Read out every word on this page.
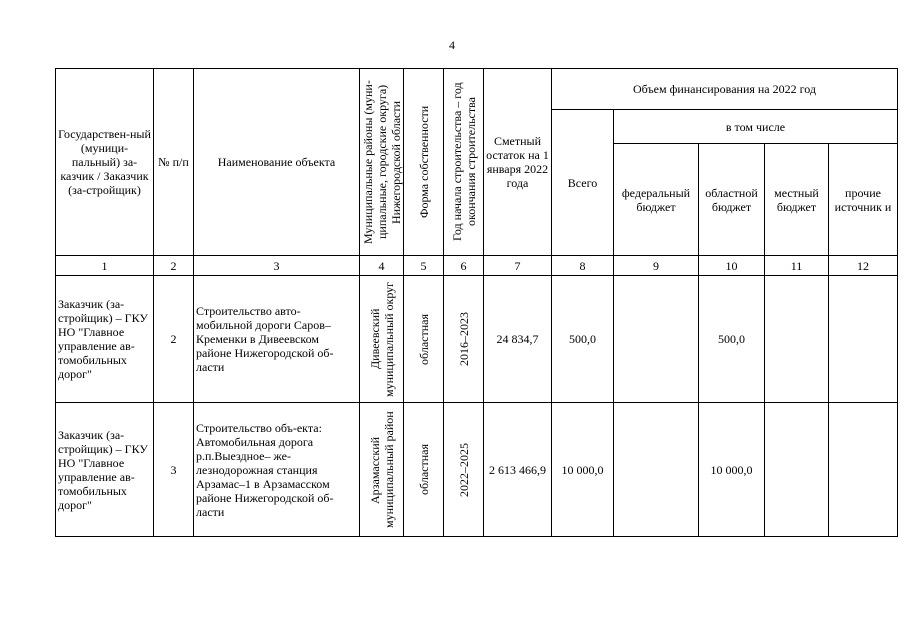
4
Государствен-ный (муници-пальный) за-казчик / Заказчик (за-стройщик)	№ п/п	Наименование объекта	Муниципальные районы (муни-ципальные, городские округа) Нижегородской области	Форма собственности	Год начала строительства – год окончания строительства	Сметный остаток на 1 января 2022 года	Объем финансирования на 2022 год				
							Всего	в том числе			
								федеральный бюджет	областной бюджет	местный бюджет	прочие источник и
1	2	3	4	5	6	7	8	9	10	11	12
Заказчик (за-стройщик) – ГКУ НО "Главное управление ав-томобильных дорог"	2	Строительство авто-мобильной дороги Саров–Кременки в Дивеевском районе Нижегородской об-ласти	Дивеевский муниципальный округ	областная	2016–2023	24 834,7	500,0		500,0		
Заказчик (за-стройщик) – ГКУ НО "Главное управление ав-томобильных дорог"	3	Строительство объ-екта: Автомобильная дорога р.п.Выездное– же-лезнодорожная станция Арзамас–1 в Арзамасском районе Нижегородской об-ласти	Арзамасский муниципальный район	областная	2022–2025	2 613 466,9	10 000,0		10 000,0		
